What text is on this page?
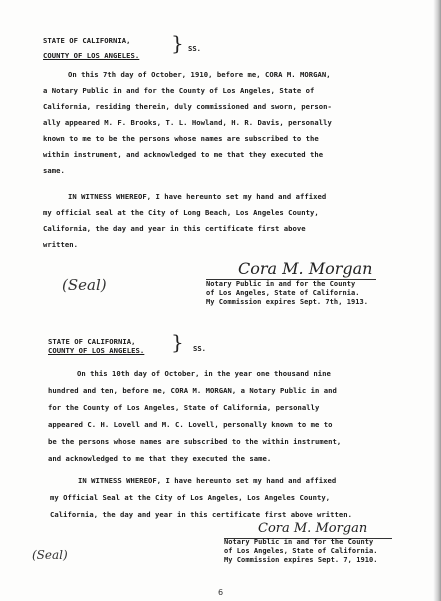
STATE OF CALIFORNIA,
COUNTY OF LOS ANGELES.
} SS.
On this 7th day of October, 1910, before me, CORA M. MORGAN,
a Notary Public in and for the County of Los Angeles, State of
California, residing therein, duly commissioned and sworn, person-
ally appeared M. F. Brooks, T. L. Howland, H. R. Davis, personally
known to me to be the persons whose names are subscribed to the
within instrument, and acknowledged to me that they executed the
same.
IN WITNESS WHEREOF, I have hereunto set my hand and affixed
my official seal at the City of Long Beach, Los Angeles County,
California, the day and year in this certificate first above
written.
(Seal)
Cora M. Morgan
Notary Public in and for the County
of Los Angeles, State of California.
My Commission expires Sept. 7th, 1913.
STATE OF CALIFORNIA,
COUNTY OF LOS ANGELES. } SS.
On this 10th day of October, in the year one thousand nine
hundred and ten, before me, CORA M. MORGAN, a Notary Public in and
for the County of Los Angeles, State of California, personally
appeared C. H. Lovell and M. C. Lovell, personally known to me to
be the persons whose names are subscribed to the within instrument,
and acknowledged to me that they executed the same.
IN WITNESS WHEREOF, I have hereunto set my hand and affixed
my Official Seal at the City of Los Angeles, Los Angeles County,
California, the day and year in this certificate first above written.
Cora M. Morgan
Notary Public in and for the County
of Los Angeles, State of California.
My Commission expires Sept. 7, 1910.
(Seal)
6
